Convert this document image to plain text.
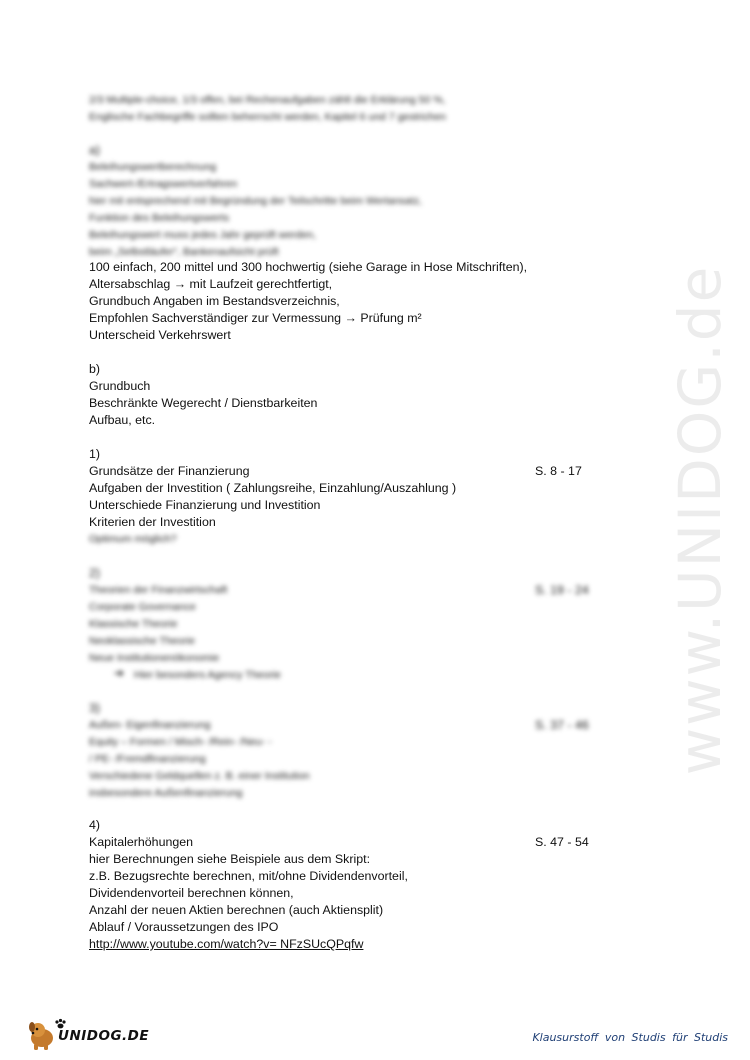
www.UNIDOG.de
2/3 Multiple-choice, 1/3 offen, bei Rechenaufgaben zählt die Erklärung 50 %,
Englische Fachbegriffe sollten beherrscht werden, Kapitel 6 und 7 gestrichen
a)
Beleihungswertberechnung
Sachwert-/Ertragswertverfahren
hier mit entsprechend mit Begründung der Teilschritte beim Wertansatz,
Funktion des Beleihungswerts
Beleihungswert muss jedes Jahr geprüft werden,
beim „Selbstläufer“, Bankenaufsicht prüft
100 einfach, 200 mittel und 300 hochwertig (siehe Garage in Hose Mitschriften),
Altersabschlag → mit Laufzeit gerechtfertigt,
Grundbuch Angaben im Bestandsverzeichnis,
Empfohlen Sachverständiger zur Vermessung → Prüfung m²
Unterscheid Verkehrswert
b)
Grundbuch
Beschränkte Wegerecht / Dienstbarkeiten
Aufbau, etc.
1)
Grundsätze der Finanzierung	S. 8 - 17
Aufgaben der Investition ( Zahlungsreihe, Einzahlung/Auszahlung )
Unterschiede Finanzierung und Investition
Kriterien der Investition
Optimum möglich?
2)
Theorien der Finanzwirtschaft	S. 19 - 24
Corporate Governance
Klassische Theorie
Neoklassische Theorie
Neue Institutionenökonomie
➔ Hier besonders Agency Theorie
3)
Außen- Eigenfinanzierung	S. 37 - 46
Equity – Formen / Misch- /Rein- /Neu- -
/ PE- /Fremdfinanzierung
Verschiedene Geldquellen z. B. einer Institution
insbesondere Außenfinanzierung
4)
Kapitalerhöhungen	S. 47 - 54
hier Berechnungen siehe Beispiele aus dem Skript:
z.B. Bezugsrechte berechnen, mit/ohne Dividendenvorteil,
Dividendenvorteil berechnen können,
Anzahl der neuen Aktien berechnen (auch Aktiensplit)
Ablauf / Voraussetzungen des IPO
http://www.youtube.com/watch?v= NFzSUcQPqfw
UNIDOG.DE	Klausurstoff von Studis für Studis
